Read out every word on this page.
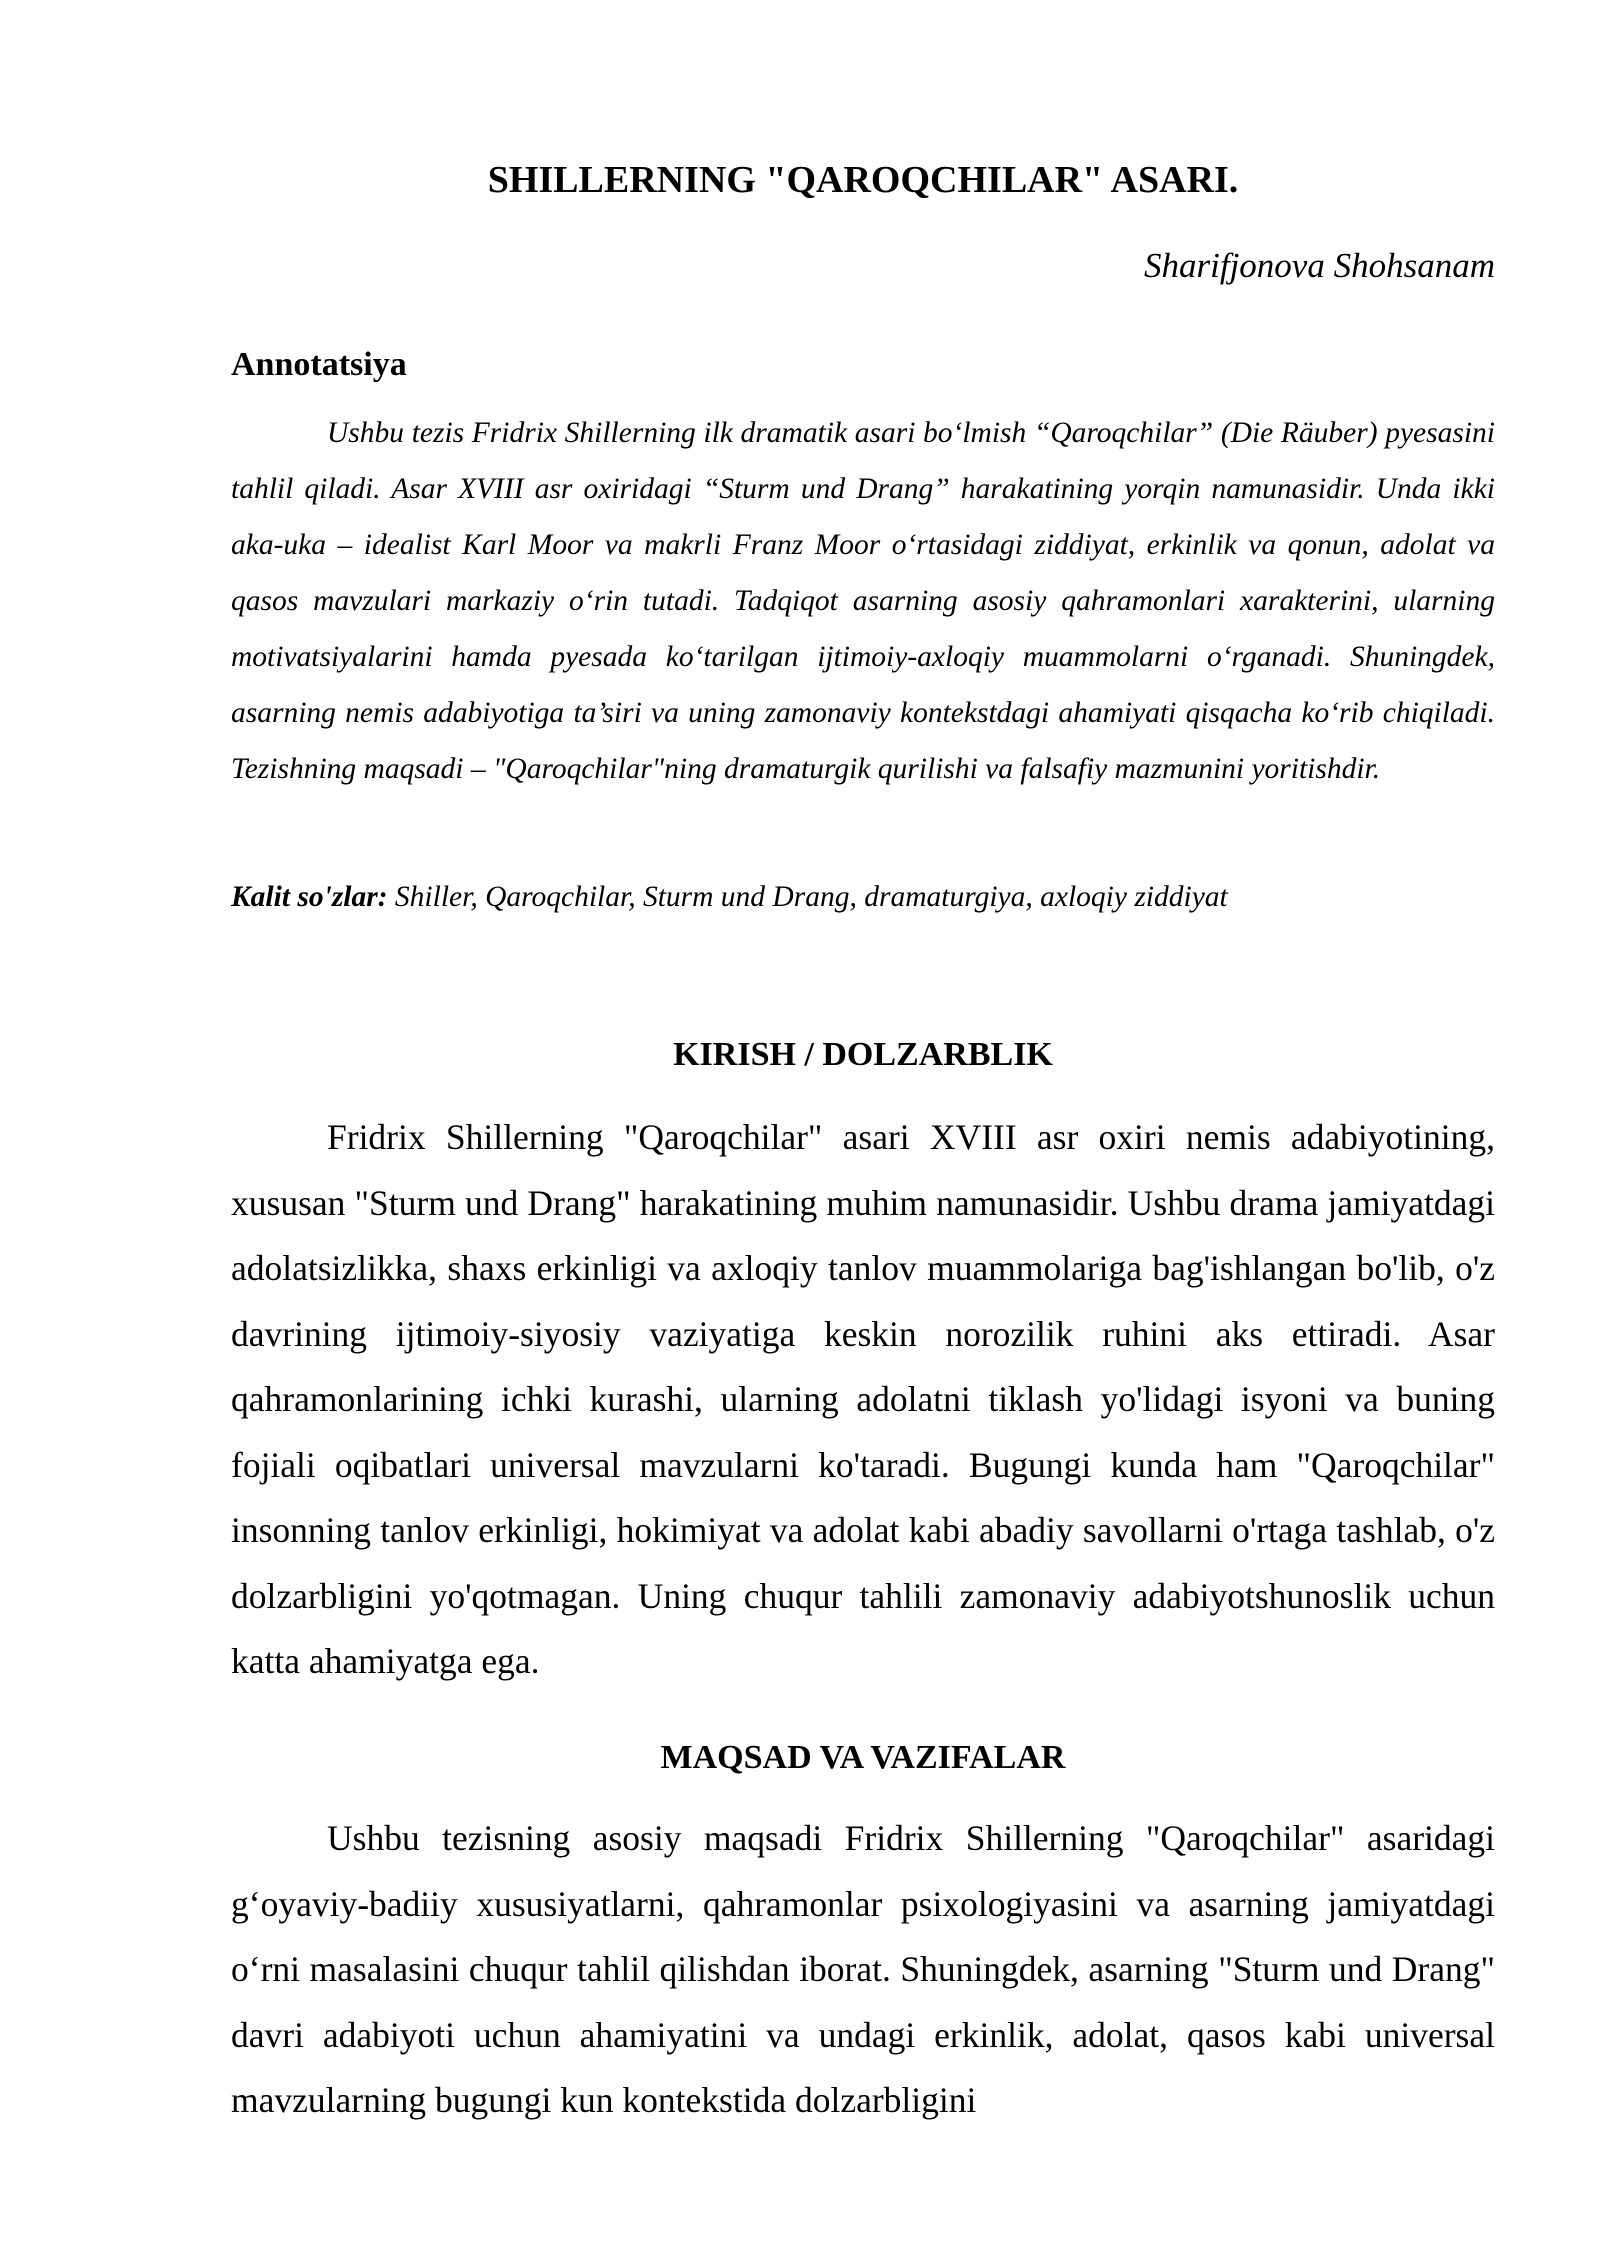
SHILLERNING "QAROQCHILAR" ASARI.

Sharifjonova Shohsanam

Annotatsiya

Ushbu tezis Fridrix Shillerning ilk dramatik asari bo‘lmish “Qaroqchilar” (Die Räuber) pyesasini tahlil qiladi. Asar XVIII asr oxiridagi “Sturm und Drang” harakatining yorqin namunasidir. Unda ikki aka-uka – idealist Karl Moor va makrli Franz Moor o‘rtasidagi ziddiyat, erkinlik va qonun, adolat va qasos mavzulari markaziy o‘rin tutadi. Tadqiqot asarning asosiy qahramonlari xarakterini, ularning motivatsiyalarini hamda pyesada ko‘tarilgan ijtimoiy-axloqiy muammolarni o‘rganadi. Shuningdek, asarning nemis adabiyotiga ta’siri va uning zamonaviy kontekstdagi ahamiyati qisqacha ko‘rib chiqiladi. Tezishning maqsadi – "Qaroqchilar"ning dramaturgik qurilishi va falsafiy mazmunini yoritishdir.

Kalit so'zlar: Shiller, Qaroqchilar, Sturm und Drang, dramaturgiya, axloqiy ziddiyat

KIRISH / DOLZARBLIK

Fridrix Shillerning "Qaroqchilar" asari XVIII asr oxiri nemis adabiyotining, xususan "Sturm und Drang" harakatining muhim namunasidir. Ushbu drama jamiyatdagi adolatsizlikka, shaxs erkinligi va axloqiy tanlov muammolariga bag'ishlangan bo'lib, o'z davrining ijtimoiy-siyosiy vaziyatiga keskin norozilik ruhini aks ettiradi. Asar qahramonlarining ichki kurashi, ularning adolatni tiklash yo'lidagi isyoni va buning fojiali oqibatlari universal mavzularni ko'taradi. Bugungi kunda ham "Qaroqchilar" insonning tanlov erkinligi, hokimiyat va adolat kabi abadiy savollarni o'rtaga tashlab, o'z dolzarbligini yo'qotmagan. Uning chuqur tahlili zamonaviy adabiyotshunoslik uchun katta ahamiyatga ega.

MAQSAD VA VAZIFALAR

Ushbu tezisning asosiy maqsadi Fridrix Shillerning "Qaroqchilar" asaridagi g‘oyaviy-badiiy xususiyatlarni, qahramonlar psixologiyasini va asarning jamiyatdagi o‘rni masalasini chuqur tahlil qilishdan iborat. Shuningdek, asarning "Sturm und Drang" davri adabiyoti uchun ahamiyatini va undagi erkinlik, adolat, qasos kabi universal mavzularning bugungi kun kontekstida dolzarbligini
